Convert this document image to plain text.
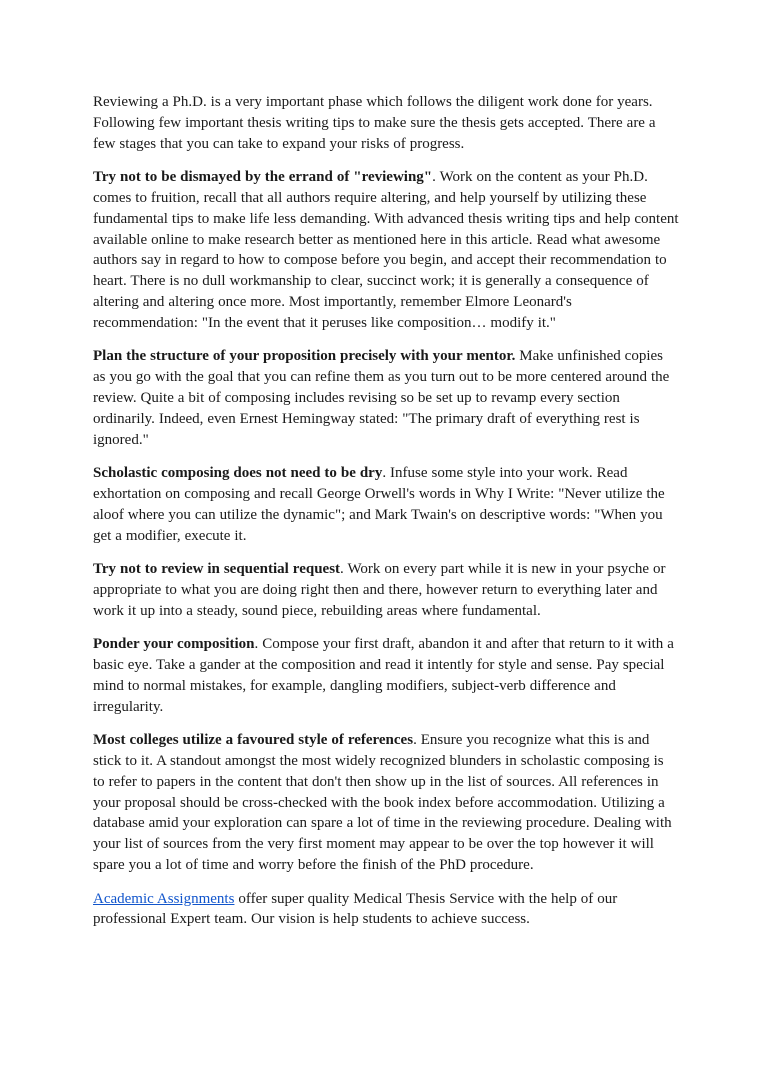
Reviewing a Ph.D. is a very important phase which follows the diligent work done for years. Following few important thesis writing tips to make sure the thesis gets accepted. There are a few stages that you can take to expand your risks of progress.

Try not to be dismayed by the errand of "reviewing". Work on the content as your Ph.D. comes to fruition, recall that all authors require altering, and help yourself by utilizing these fundamental tips to make life less demanding. With advanced thesis writing tips and help content available online to make research better as mentioned here in this article. Read what awesome authors say in regard to how to compose before you begin, and accept their recommendation to heart. There is no dull workmanship to clear, succinct work; it is generally a consequence of altering and altering once more. Most importantly, remember Elmore Leonard's recommendation: "In the event that it peruses like composition… modify it."

Plan the structure of your proposition precisely with your mentor. Make unfinished copies as you go with the goal that you can refine them as you turn out to be more centered around the review. Quite a bit of composing includes revising so be set up to revamp every section ordinarily. Indeed, even Ernest Hemingway stated: "The primary draft of everything rest is ignored."

Scholastic composing does not need to be dry. Infuse some style into your work. Read exhortation on composing and recall George Orwell's words in Why I Write: "Never utilize the aloof where you can utilize the dynamic"; and Mark Twain's on descriptive words: "When you get a modifier, execute it.

Try not to review in sequential request. Work on every part while it is new in your psyche or appropriate to what you are doing right then and there, however return to everything later and work it up into a steady, sound piece, rebuilding areas where fundamental.

Ponder your composition. Compose your first draft, abandon it and after that return to it with a basic eye. Take a gander at the composition and read it intently for style and sense. Pay special mind to normal mistakes, for example, dangling modifiers, subject-verb difference and irregularity.

Most colleges utilize a favoured style of references. Ensure you recognize what this is and stick to it. A standout amongst the most widely recognized blunders in scholastic composing is to refer to papers in the content that don't then show up in the list of sources. All references in your proposal should be cross-checked with the book index before accommodation. Utilizing a database amid your exploration can spare a lot of time in the reviewing procedure. Dealing with your list of sources from the very first moment may appear to be over the top however it will spare you a lot of time and worry before the finish of the PhD procedure.

Academic Assignments offer super quality Medical Thesis Service with the help of our professional Expert team. Our vision is help students to achieve success.
